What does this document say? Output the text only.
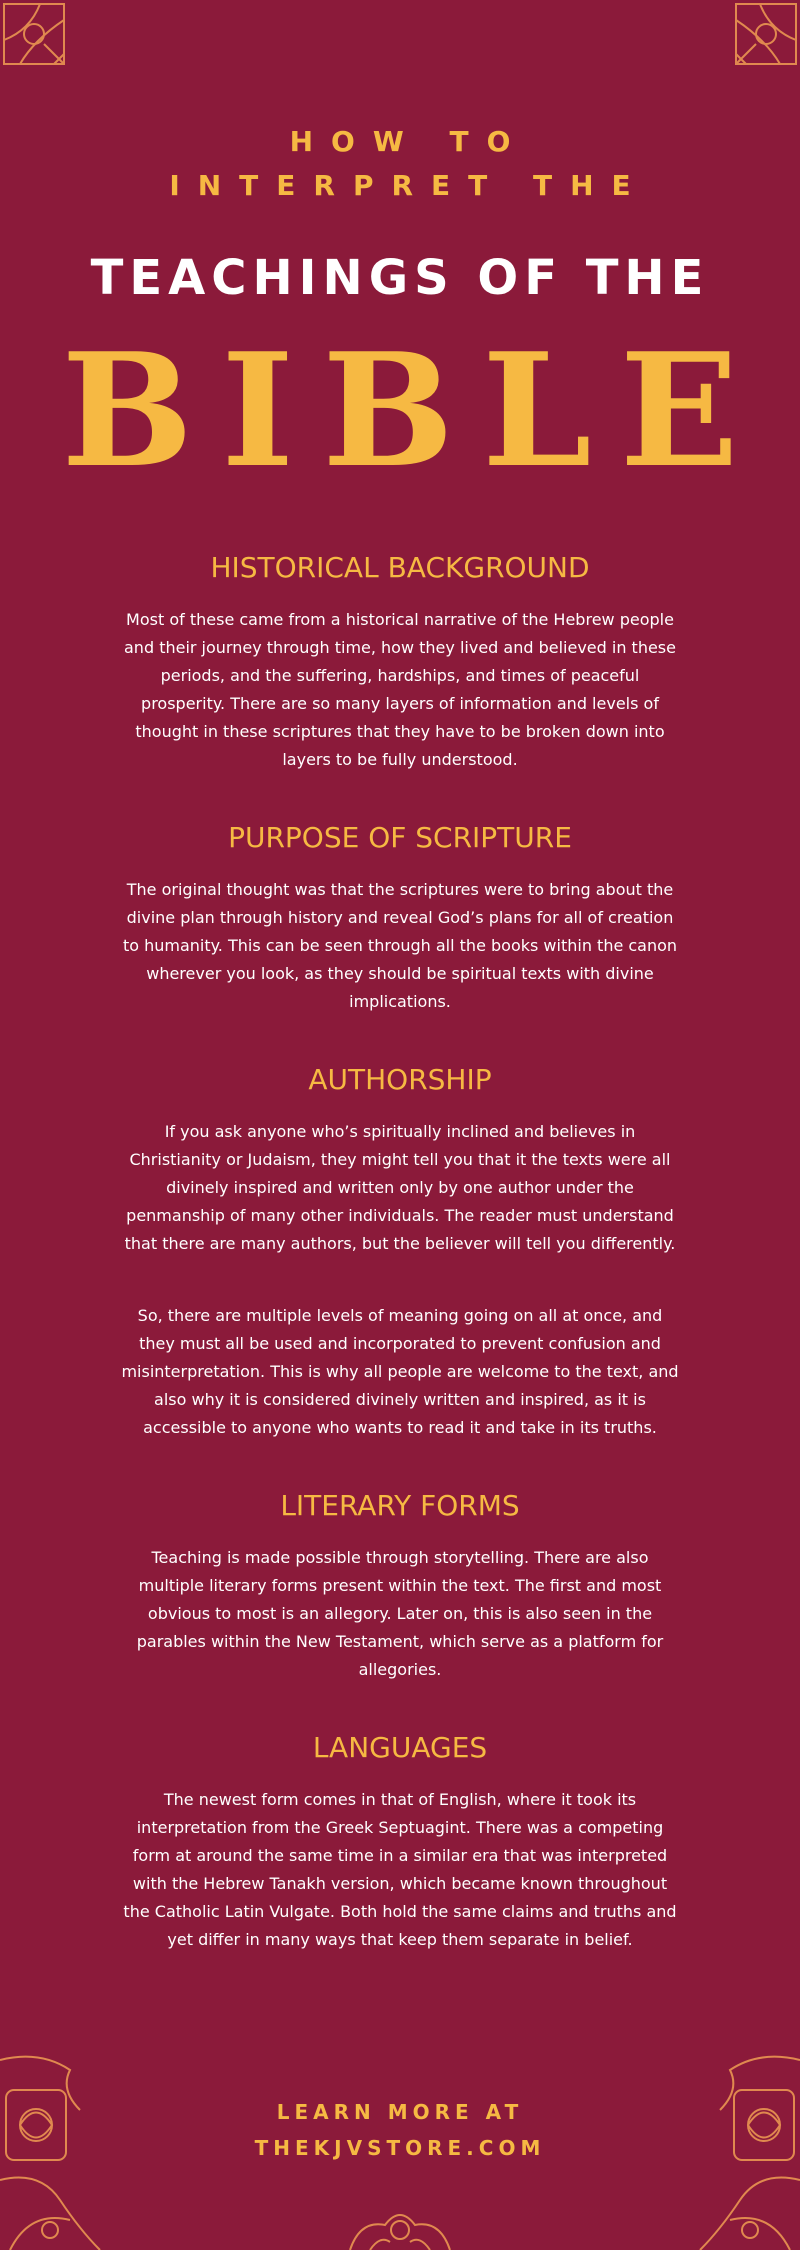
HOW TO
INTERPRET THE
TEACHINGS OF THE
BIBLE
HISTORICAL BACKGROUND

Most of these came from a historical narrative of the Hebrew people and their journey through time, how they lived and believed in these periods, and the suffering, hardships, and times of peaceful prosperity. There are so many layers of information and levels of thought in these scriptures that they have to be broken down into layers to be fully understood.

PURPOSE OF SCRIPTURE

The original thought was that the scriptures were to bring about the divine plan through history and reveal God’s plans for all of creation to humanity. This can be seen through all the books within the canon wherever you look, as they should be spiritual texts with divine implications.

AUTHORSHIP

If you ask anyone who’s spiritually inclined and believes in Christianity or Judaism, they might tell you that it the texts were all divinely inspired and written only by one author under the penmanship of many other individuals. The reader must understand that there are many authors, but the believer will tell you differently.

So, there are multiple levels of meaning going on all at once, and they must all be used and incorporated to prevent confusion and misinterpretation. This is why all people are welcome to the text, and also why it is considered divinely written and inspired, as it is accessible to anyone who wants to read it and take in its truths.

LITERARY FORMS

Teaching is made possible through storytelling. There are also multiple literary forms present within the text. The first and most obvious to most is an allegory. Later on, this is also seen in the parables within the New Testament, which serve as a platform for allegories.

LANGUAGES

The newest form comes in that of English, where it took its interpretation from the Greek Septuagint. There was a competing form at around the same time in a similar era that was interpreted with the Hebrew Tanakh version, which became known throughout the Catholic Latin Vulgate. Both hold the same claims and truths and yet differ in many ways that keep them separate in belief.

LEARN MORE AT
THEKJVSTORE.COM
